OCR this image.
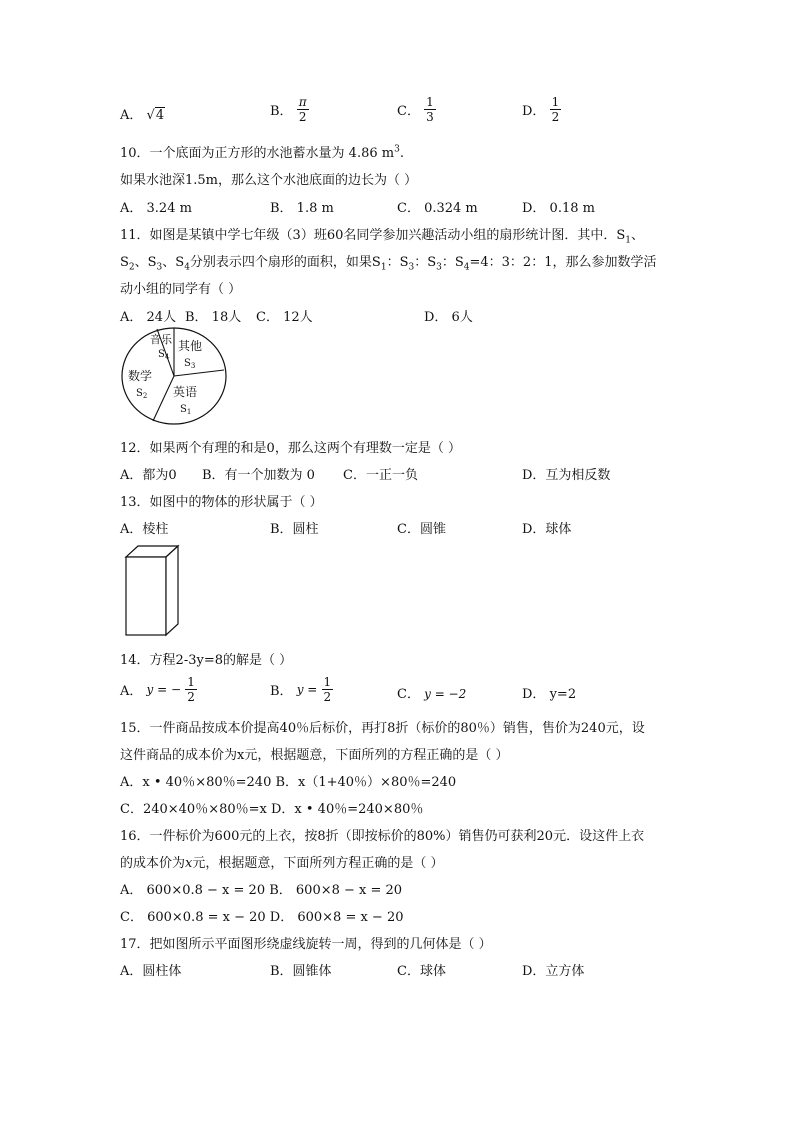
A． √4	B． $\frac{\pi}{2}$	C． $\frac{1}{3}$	D． $\frac{1}{2}$
10．一个底面为正方形的水池蓄水量为 4.86 $m^3$.
如果水池深1.5m，那么这个水池底面的边长为（ ）
A． 3.24 m	B． 1.8 m	C． 0.324 m	D． 0.18 m
11．如图是某镇中学七年级（3）班60名同学参加兴趣活动小组的扇形统计图．其中．$S_1$、
$S_2$、$S_3$、$S_4$分别表示四个扇形的面积，如果$S_1$：$S_3$：$S_3$：$S_4=4$：3：2：1，那么参加数学活
动小组的同学有（ ）
A． 24人 B． 18人 C． 12人	D． 6人
音乐
$S_4$
其他
$S_3$
数学
$S_2$ 英语
$S_1$
12．如果两个有理的和是0，那么这两个有理数一定是（ ）
A．都为0 B．有一个加数为 0 C．一正一负	D．互为相反数
13．如图中的物体的形状属于（ ）
A．棱柱	B．圆柱	C．圆锥	D．球体
14．方程2-3y=8的解是（ ）
A． y = − $\frac{1}{2}$	B． $y = \frac{1}{2}$	C． y = −2	D． y=2
15．一件商品按成本价提高40％后标价，再打8折（标价的80％）销售，售价为240元，设
这件商品的成本价为x元，根据题意，下面所列的方程正确的是（ ）
A．x • 40％×80％=240 B．x（1+40％）×80％=240
C．240×40％×80％=x D．x • 40％=240×80％
16．一件标价为600元的上衣，按8折（即按标价的80%）销售仍可获利20元．设这件上衣
的成本价为x元，根据题意，下面所列方程正确的是（ ）
A． 600×0.8 − x = 20 B． 600×8 − x = 20
C． 600×0.8 = x − 20 D． 600×8 = x − 20
17．把如图所示平面图形绕虚线旋转一周，得到的几何体是（ ）
A．圆柱体	B．圆锥体	C．球体	D．立方体
